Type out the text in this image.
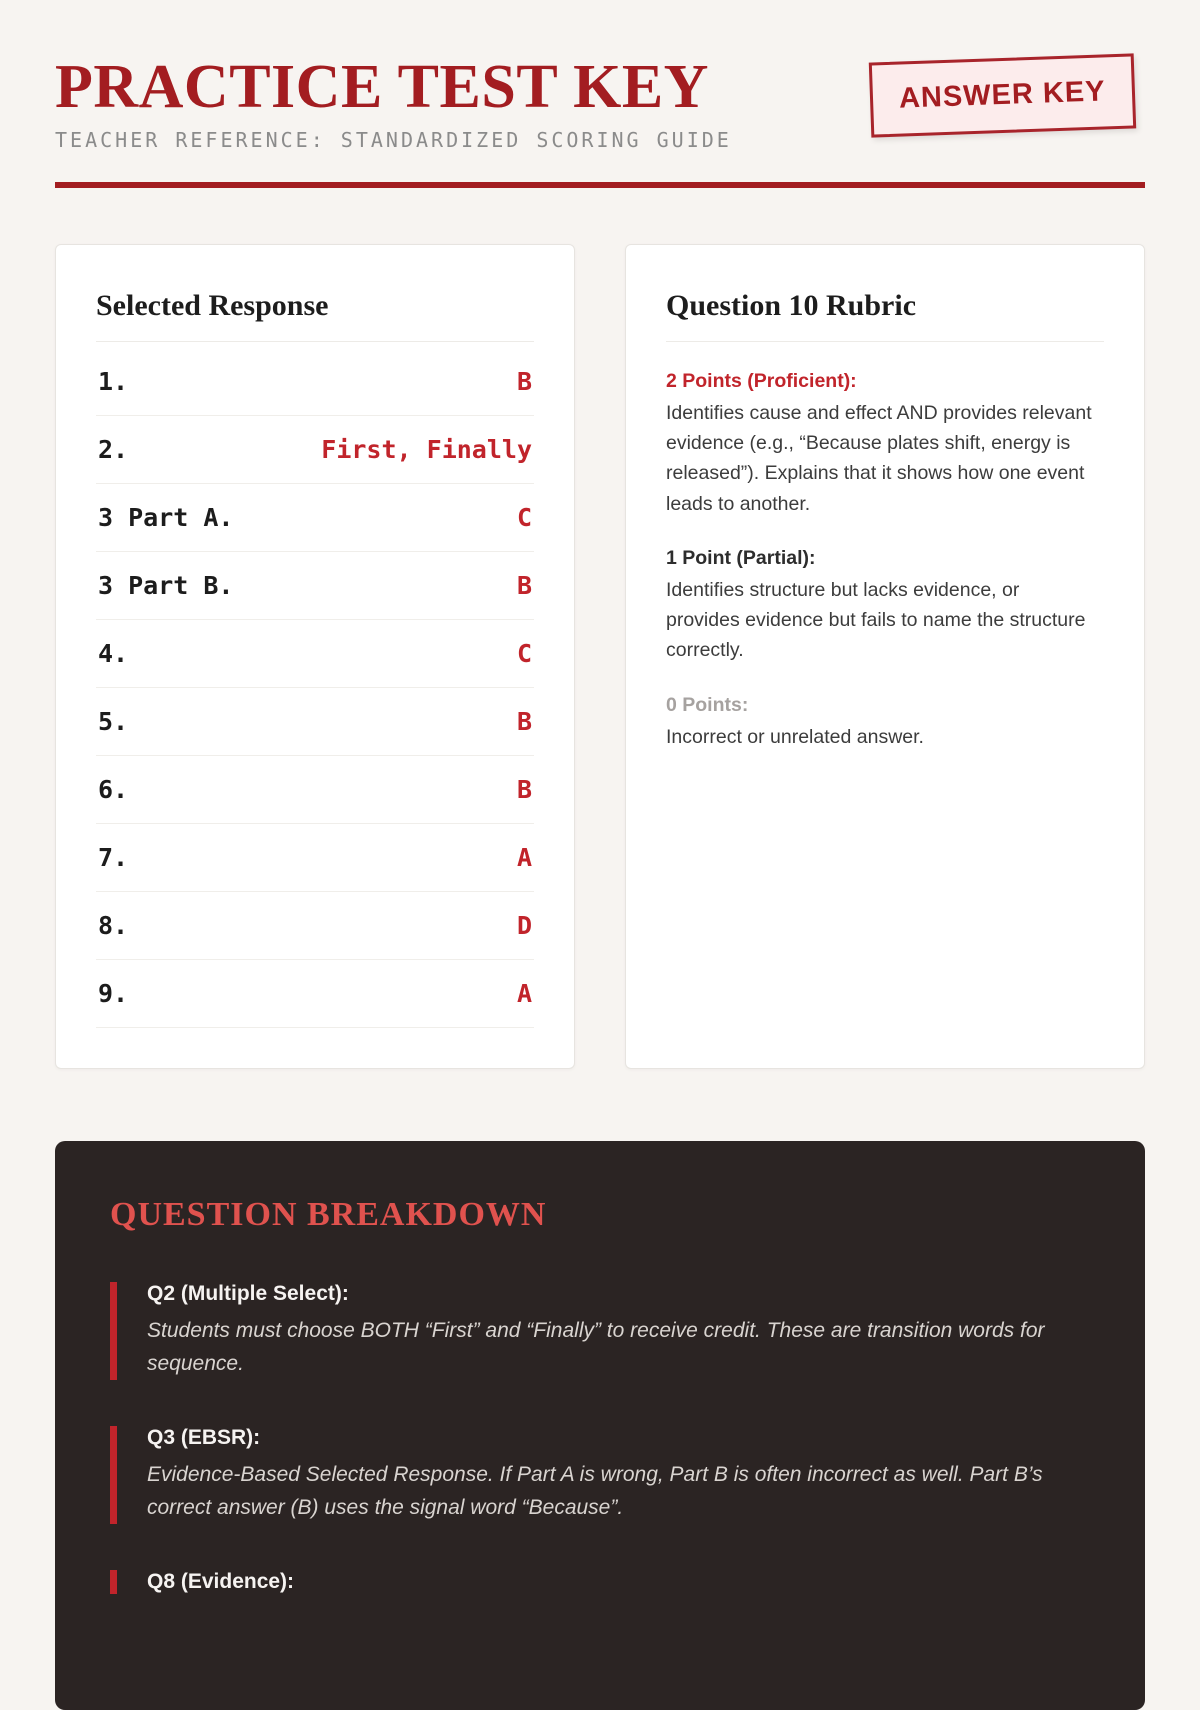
PRACTICE TEST KEY

TEACHER REFERENCE: STANDARDIZED SCORING GUIDE

ANSWER KEY
Selected Response
1.	B
2.	First, Finally
3 Part A.	C
3 Part B.	B
4.	C
5.	B
6.	B
7.	A
8.	D
9.	A
Question 10 Rubric
2 Points (Proficient):

Identifies cause and effect AND provides relevant evidence (e.g., “Because plates shift, energy is released”). Explains that it shows how one event leads to another.

1 Point (Partial):

Identifies structure but lacks evidence, or provides evidence but fails to name the structure correctly.

0 Points:

Incorrect or unrelated answer.

QUESTION BREAKDOWN

Q2 (Multiple Select):

Students must choose BOTH “First” and “Finally” to receive credit. These are transition words for sequence.

Q3 (EBSR):

Evidence-Based Selected Response. If Part A is wrong, Part B is often incorrect as well. Part B’s correct answer (B) uses the signal word “Because”.

Q8 (Evidence):
